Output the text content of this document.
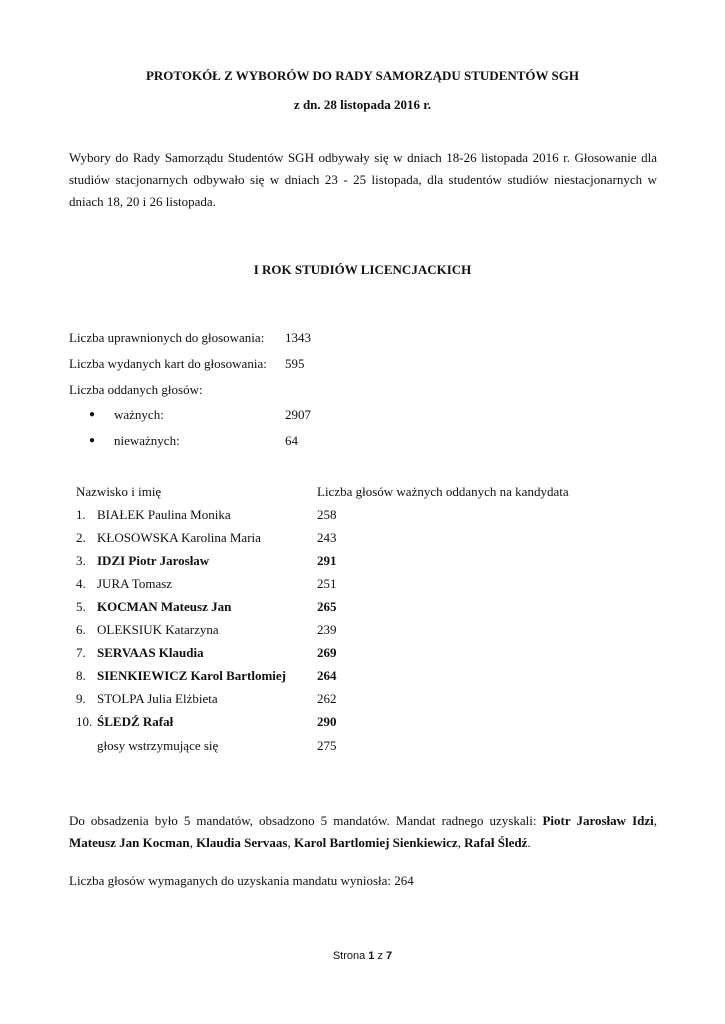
PROTOKÓŁ Z WYBORÓW DO RADY SAMORZĄDU STUDENTÓW SGH
z dn. 28 listopada 2016 r.
Wybory do Rady Samorządu Studentów SGH odbywały się w dniach 18-26 listopada 2016 r. Głosowanie dla studiów stacjonarnych odbywało się w dniach 23 - 25 listopada, dla studentów studiów niestacjonarnych w dniach 18, 20 i 26 listopada.
I ROK STUDIÓW LICENCJACKICH
Liczba uprawnionych do głosowania: 1343
Liczba wydanych kart do głosowania: 595
Liczba oddanych głosów:
● ważnych:	2907
● nieważnych:	64
Nazwisko i imię	Liczba głosów ważnych oddanych na kandydata
1. BIAŁEK Paulina Monika	258
2. KŁOSOWSKA Karolina Maria	243
3. IDZI Piotr Jarosław	291
4. JURA Tomasz	251
5. KOCMAN Mateusz Jan	265
6. OLEKSIUK Katarzyna	239
7. SERVAAS Klaudia	269
8. SIENKIEWICZ Karol Bartlomiej 264
9. STOLPA Julia Elżbieta	262
10. ŚLEDŹ Rafał	290
głosy wstrzymujące się	275
Do obsadzenia było 5 mandatów, obsadzono 5 mandatów. Mandat radnego uzyskali: Piotr Jarosław Idzi, Mateusz Jan Kocman, Klaudia Servaas, Karol Bartlomiej Sienkiewicz, Rafał Śledź.
Liczba głosów wymaganych do uzyskania mandatu wyniosła: 264
Strona 1 z 7
